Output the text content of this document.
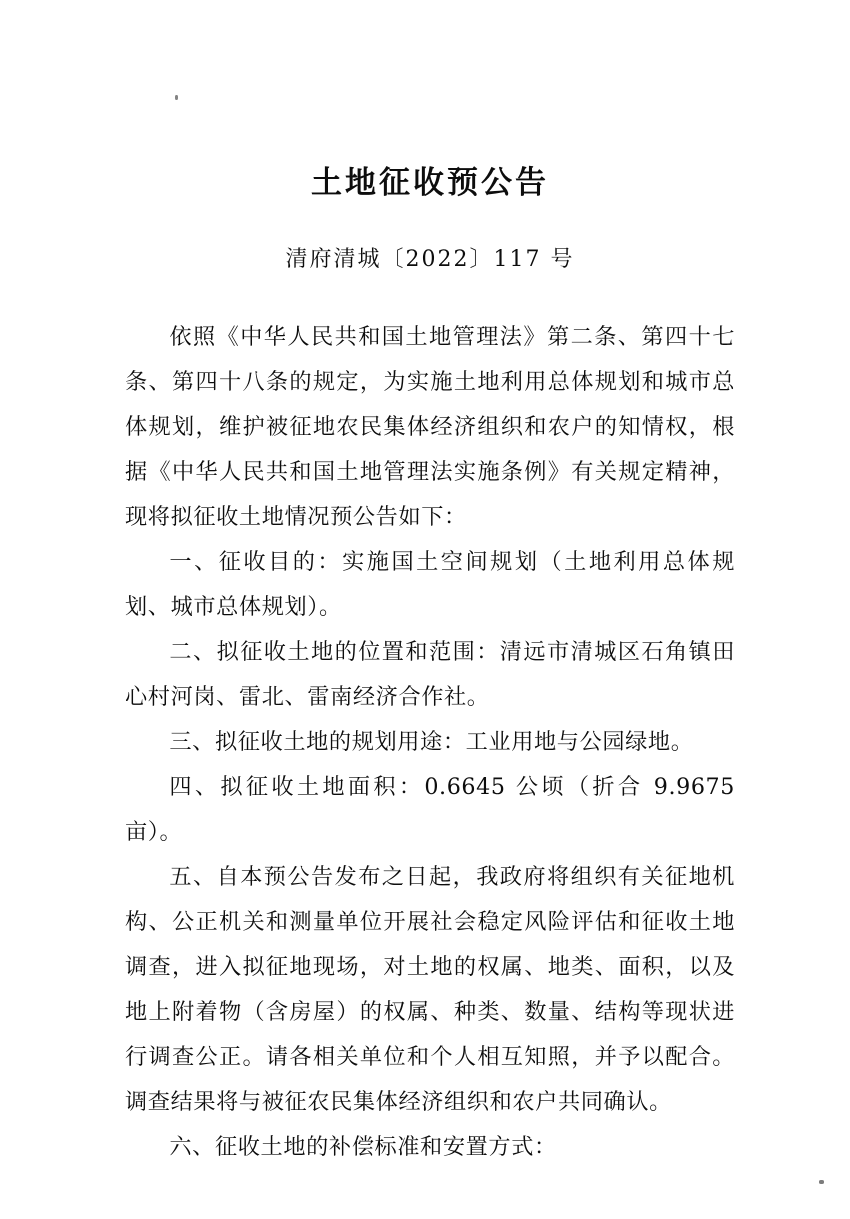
土地征收预公告

清府清城〔2022〕117 号

依照《中华人民共和国土地管理法》第二条、第四十七条、第四十八条的规定，为实施土地利用总体规划和城市总体规划，维护被征地农民集体经济组织和农户的知情权，根据《中华人民共和国土地管理法实施条例》有关规定精神，现将拟征收土地情况预公告如下：

一、征收目的：实施国土空间规划（土地利用总体规划、城市总体规划）。

二、拟征收土地的位置和范围：清远市清城区石角镇田心村河岗、雷北、雷南经济合作社。

三、拟征收土地的规划用途：工业用地与公园绿地。

四、拟征收土地面积：0.6645 公顷（折合 9.9675 亩）。

五、自本预公告发布之日起，我政府将组织有关征地机构、公正机关和测量单位开展社会稳定风险评估和征收土地调查，进入拟征地现场，对土地的权属、地类、面积，以及地上附着物（含房屋）的权属、种类、数量、结构等现状进行调查公正。请各相关单位和个人相互知照，并予以配合。调查结果将与被征农民集体经济组织和农户共同确认。

六、征收土地的补偿标准和安置方式：
